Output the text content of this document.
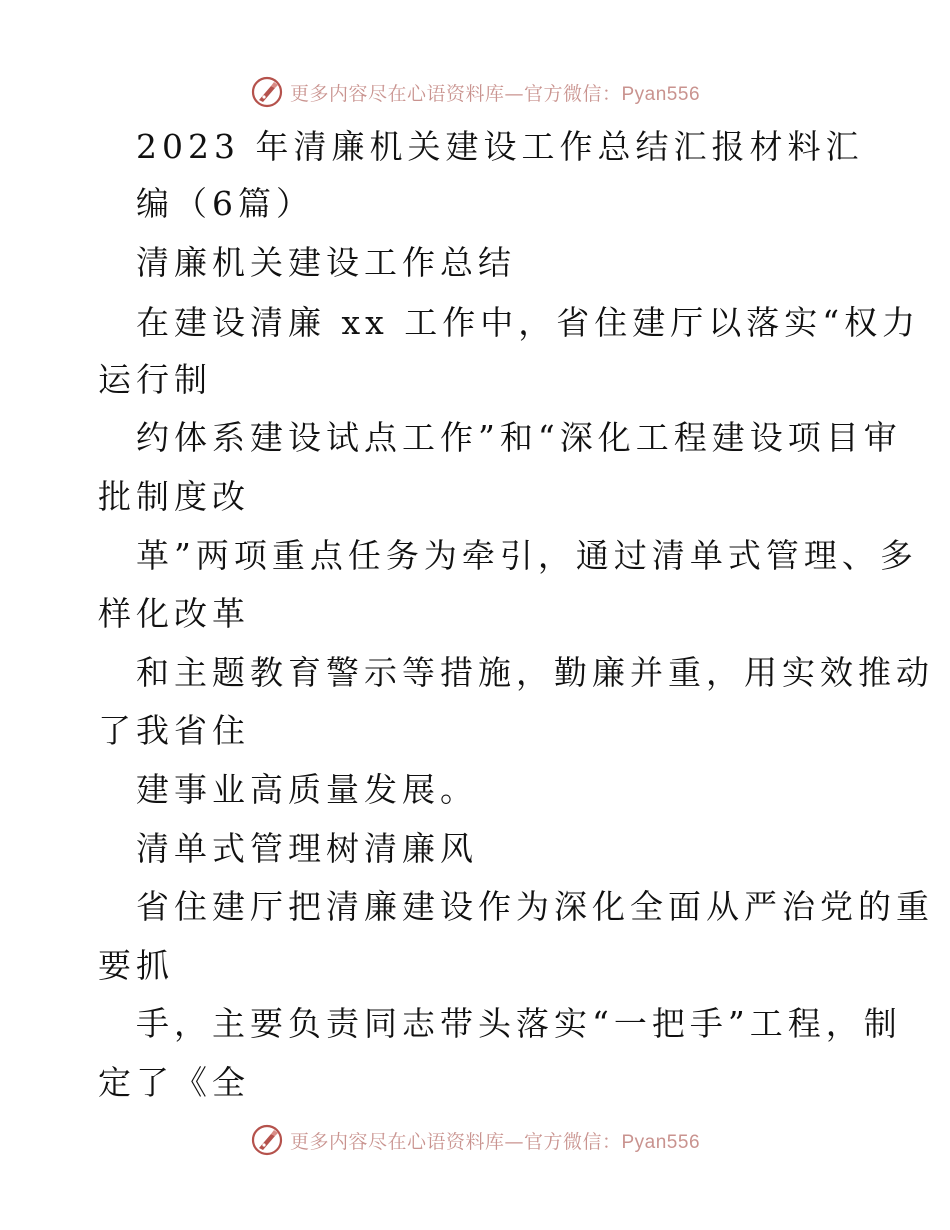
更多内容尽在心语资料库—官方微信：Pyan556
2023 年清廉机关建设工作总结汇报材料汇
编（6篇）
清廉机关建设工作总结
在建设清廉 xx 工作中，省住建厅以落实“权力
运行制
约体系建设试点工作”和“深化工程建设项目审
批制度改
革”两项重点任务为牵引，通过清单式管理、多
样化改革
和主题教育警示等措施，勤廉并重，用实效推动
了我省住
建事业高质量发展。
清单式管理树清廉风
省住建厅把清廉建设作为深化全面从严治党的重
要抓
手，主要负责同志带头落实“一把手”工程，制
定了《全
更多内容尽在心语资料库—官方微信：Pyan556
